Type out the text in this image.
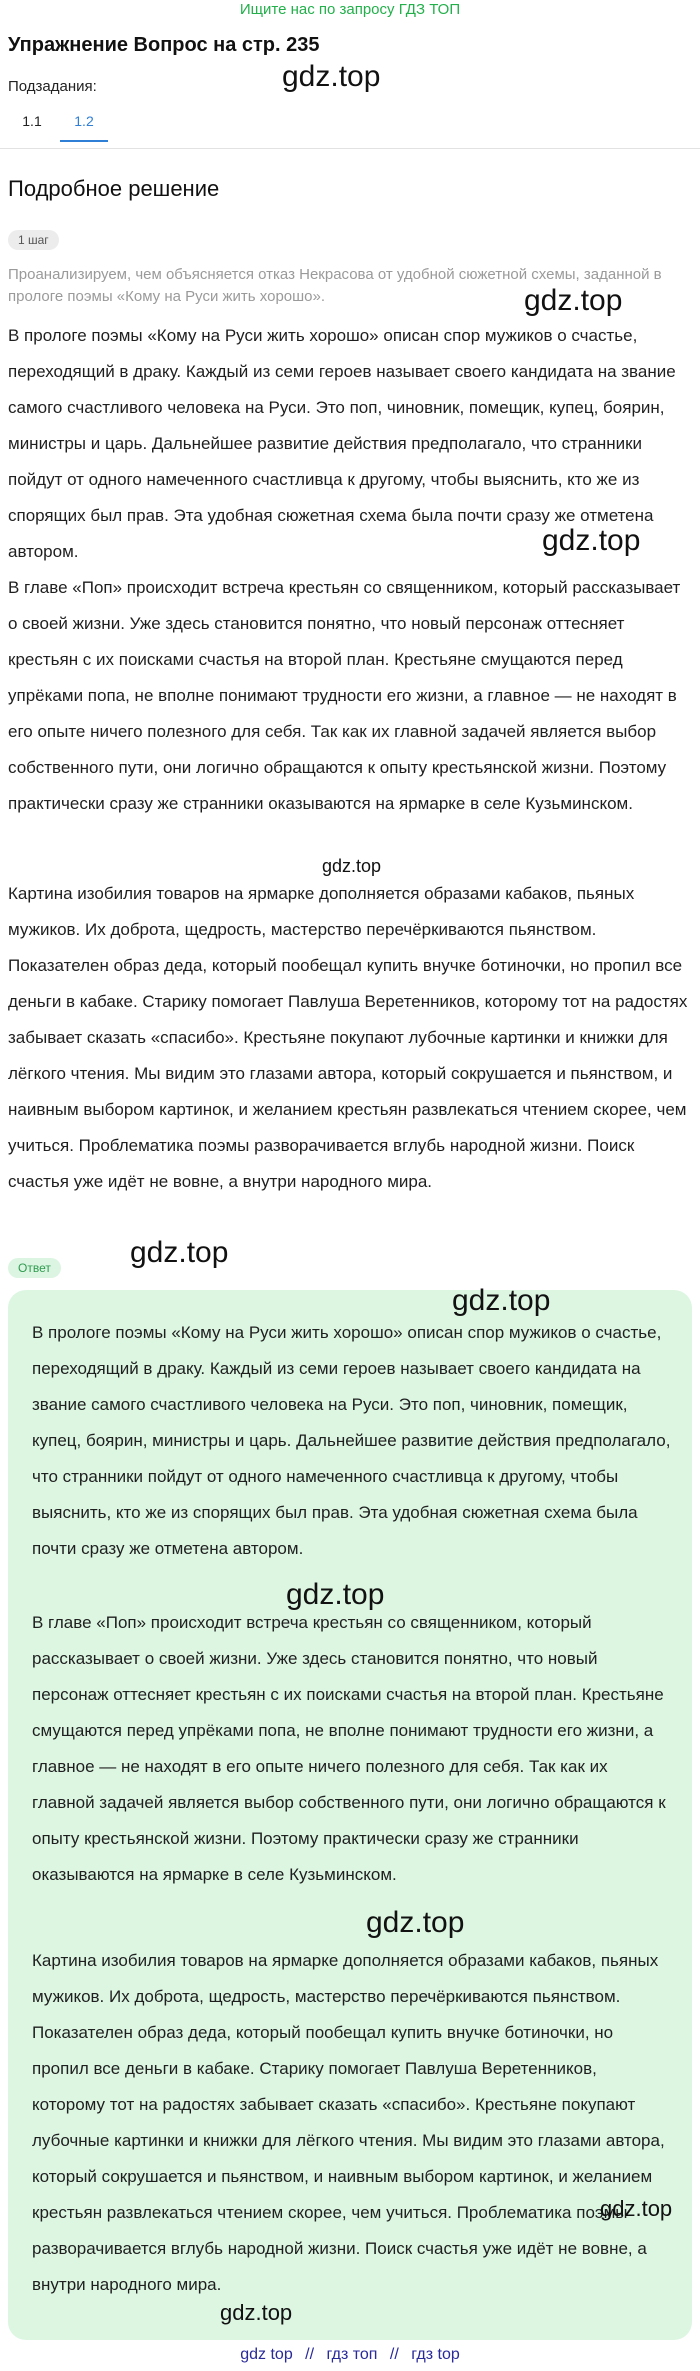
Ищите нас по запросу ГДЗ ТОП
Упражнение Вопрос на стр. 235
Подзадания:
1.1	1.2
Подробное решение
1 шаг
Проанализируем, чем объясняется отказ Некрасова от удобной сюжетной схемы, заданной в прологе поэмы «Кому на Руси жить хорошо».

В прологе поэмы «Кому на Руси жить хорошо» описан спор мужиков о счастье, переходящий в драку. Каждый из семи героев называет своего кандидата на звание самого счастливого человека на Руси. Это поп, чиновник, помещик, купец, боярин, министры и царь. Дальнейшее развитие действия предполагало, что странники пойдут от одного намеченного счастливца к другому, чтобы выяснить, кто же из спорящих был прав. Эта удобная сюжетная схема была почти сразу же отметена автором.

В главе «Поп» происходит встреча крестьян со священником, который рассказывает о своей жизни. Уже здесь становится понятно, что новый персонаж оттесняет крестьян с их поисками счастья на второй план. Крестьяне смущаются перед упрёками попа, не вполне понимают трудности его жизни, а главное — не находят в его опыте ничего полезного для себя. Так как их главной задачей является выбор собственного пути, они логично обращаются к опыту крестьянской жизни. Поэтому практически сразу же странники оказываются на ярмарке в селе Кузьминском.

Картина изобилия товаров на ярмарке дополняется образами кабаков, пьяных мужиков. Их доброта, щедрость, мастерство перечёркиваются пьянством. Показателен образ деда, который пообещал купить внучке ботиночки, но пропил все деньги в кабаке. Старику помогает Павлуша Веретенников, которому тот на радостях забывает сказать «спасибо». Крестьяне покупают лубочные картинки и книжки для лёгкого чтения. Мы видим это глазами автора, который сокрушается и пьянством, и наивным выбором картинок, и желанием крестьян развлекаться чтением скорее, чем учиться. Проблематика поэмы разворачивается вглубь народной жизни. Поиск счастья уже идёт не вовне, а внутри народного мира.

Ответ

В прологе поэмы «Кому на Руси жить хорошо» описан спор мужиков о счастье, переходящий в драку. Каждый из семи героев называет своего кандидата на звание самого счастливого человека на Руси. Это поп, чиновник, помещик, купец, боярин, министры и царь. Дальнейшее развитие действия предполагало, что странники пойдут от одного намеченного счастливца к другому, чтобы выяснить, кто же из спорящих был прав. Эта удобная сюжетная схема была почти сразу же отметена автором.

В главе «Поп» происходит встреча крестьян со священником, который рассказывает о своей жизни. Уже здесь становится понятно, что новый персонаж оттесняет крестьян с их поисками счастья на второй план. Крестьяне смущаются перед упрёками попа, не вполне понимают трудности его жизни, а главное — не находят в его опыте ничего полезного для себя. Так как их главной задачей является выбор собственного пути, они логично обращаются к опыту крестьянской жизни. Поэтому практически сразу же странники оказываются на ярмарке в селе Кузьминском.

Картина изобилия товаров на ярмарке дополняется образами кабаков, пьяных мужиков. Их доброта, щедрость, мастерство перечёркиваются пьянством. Показателен образ деда, который пообещал купить внучке ботиночки, но пропил все деньги в кабаке. Старику помогает Павлуша Веретенников, которому тот на радостях забывает сказать «спасибо». Крестьяне покупают лубочные картинки и книжки для лёгкого чтения. Мы видим это глазами автора, который сокрушается и пьянством, и наивным выбором картинок, и желанием крестьян развлекаться чтением скорее, чем учиться. Проблематика поэмы разворачивается вглубь народной жизни. Поиск счастья уже идёт не вовне, а внутри народного мира.

gdz.top
gdz.top
gdz.top
gdz.top
gdz.top
gdz.top
gdz.top
gdz.top
gdz.top
gdz.top
gdz top // гдз топ // гдз top
